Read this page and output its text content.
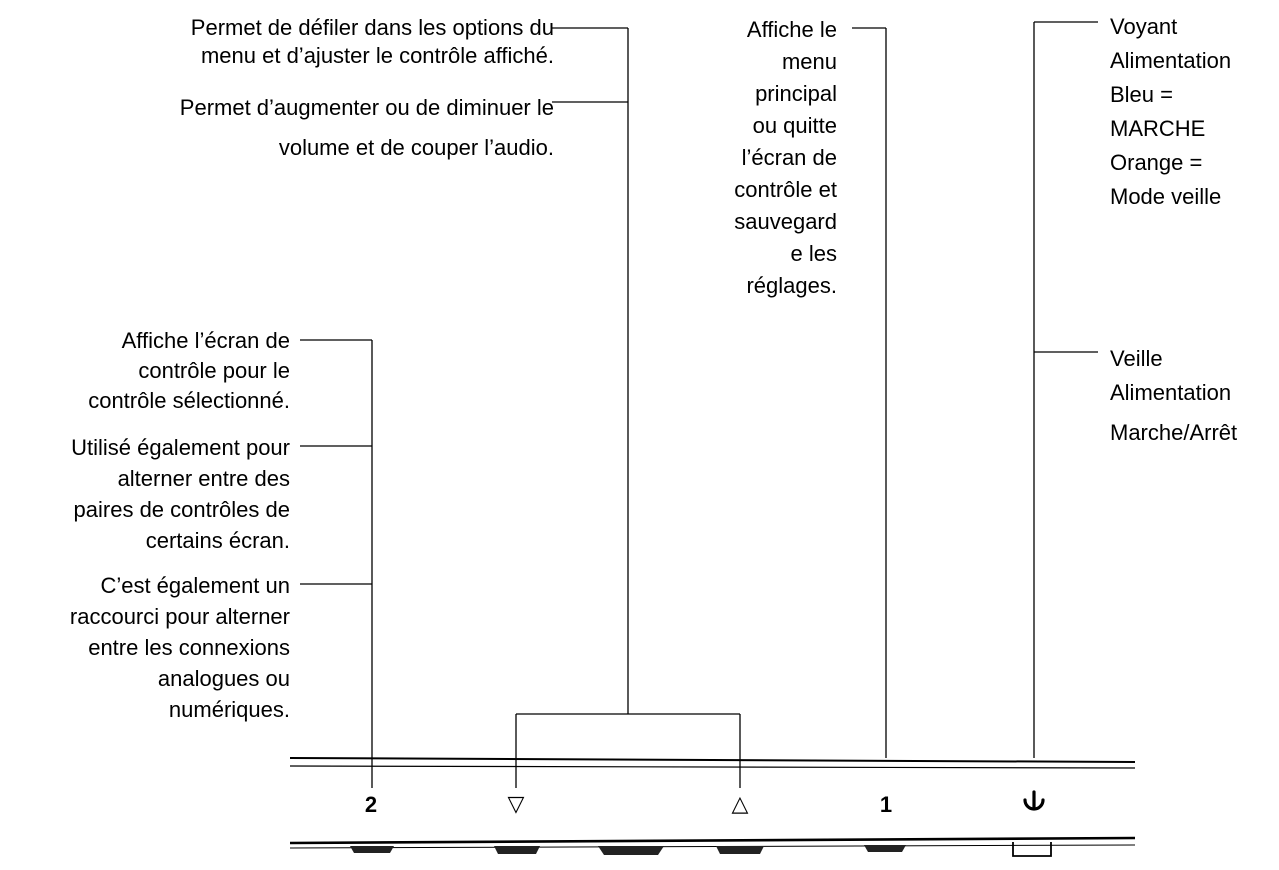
Permet de défiler dans les options du
menu et d’ajuster le contrôle affiché.
Permet d’augmenter ou de diminuer le
volume et de couper l’audio.
Affiche le
menu
principal
ou quitte
l’écran de
contrôle et
sauvegard
e les
réglages.
Voyant
Alimentation
Bleu =
MARCHE
Orange =
Mode veille
Veille
Alimentation
Marche/Arrêt
Affiche l’écran de
contrôle pour le
contrôle sélectionné.
Utilisé également pour
alterner entre des
paires de contrôles de
certains écran.
C’est également un
raccourci pour alterner
entre les connexions
analogues ou
numériques.
2	▽	△	1
